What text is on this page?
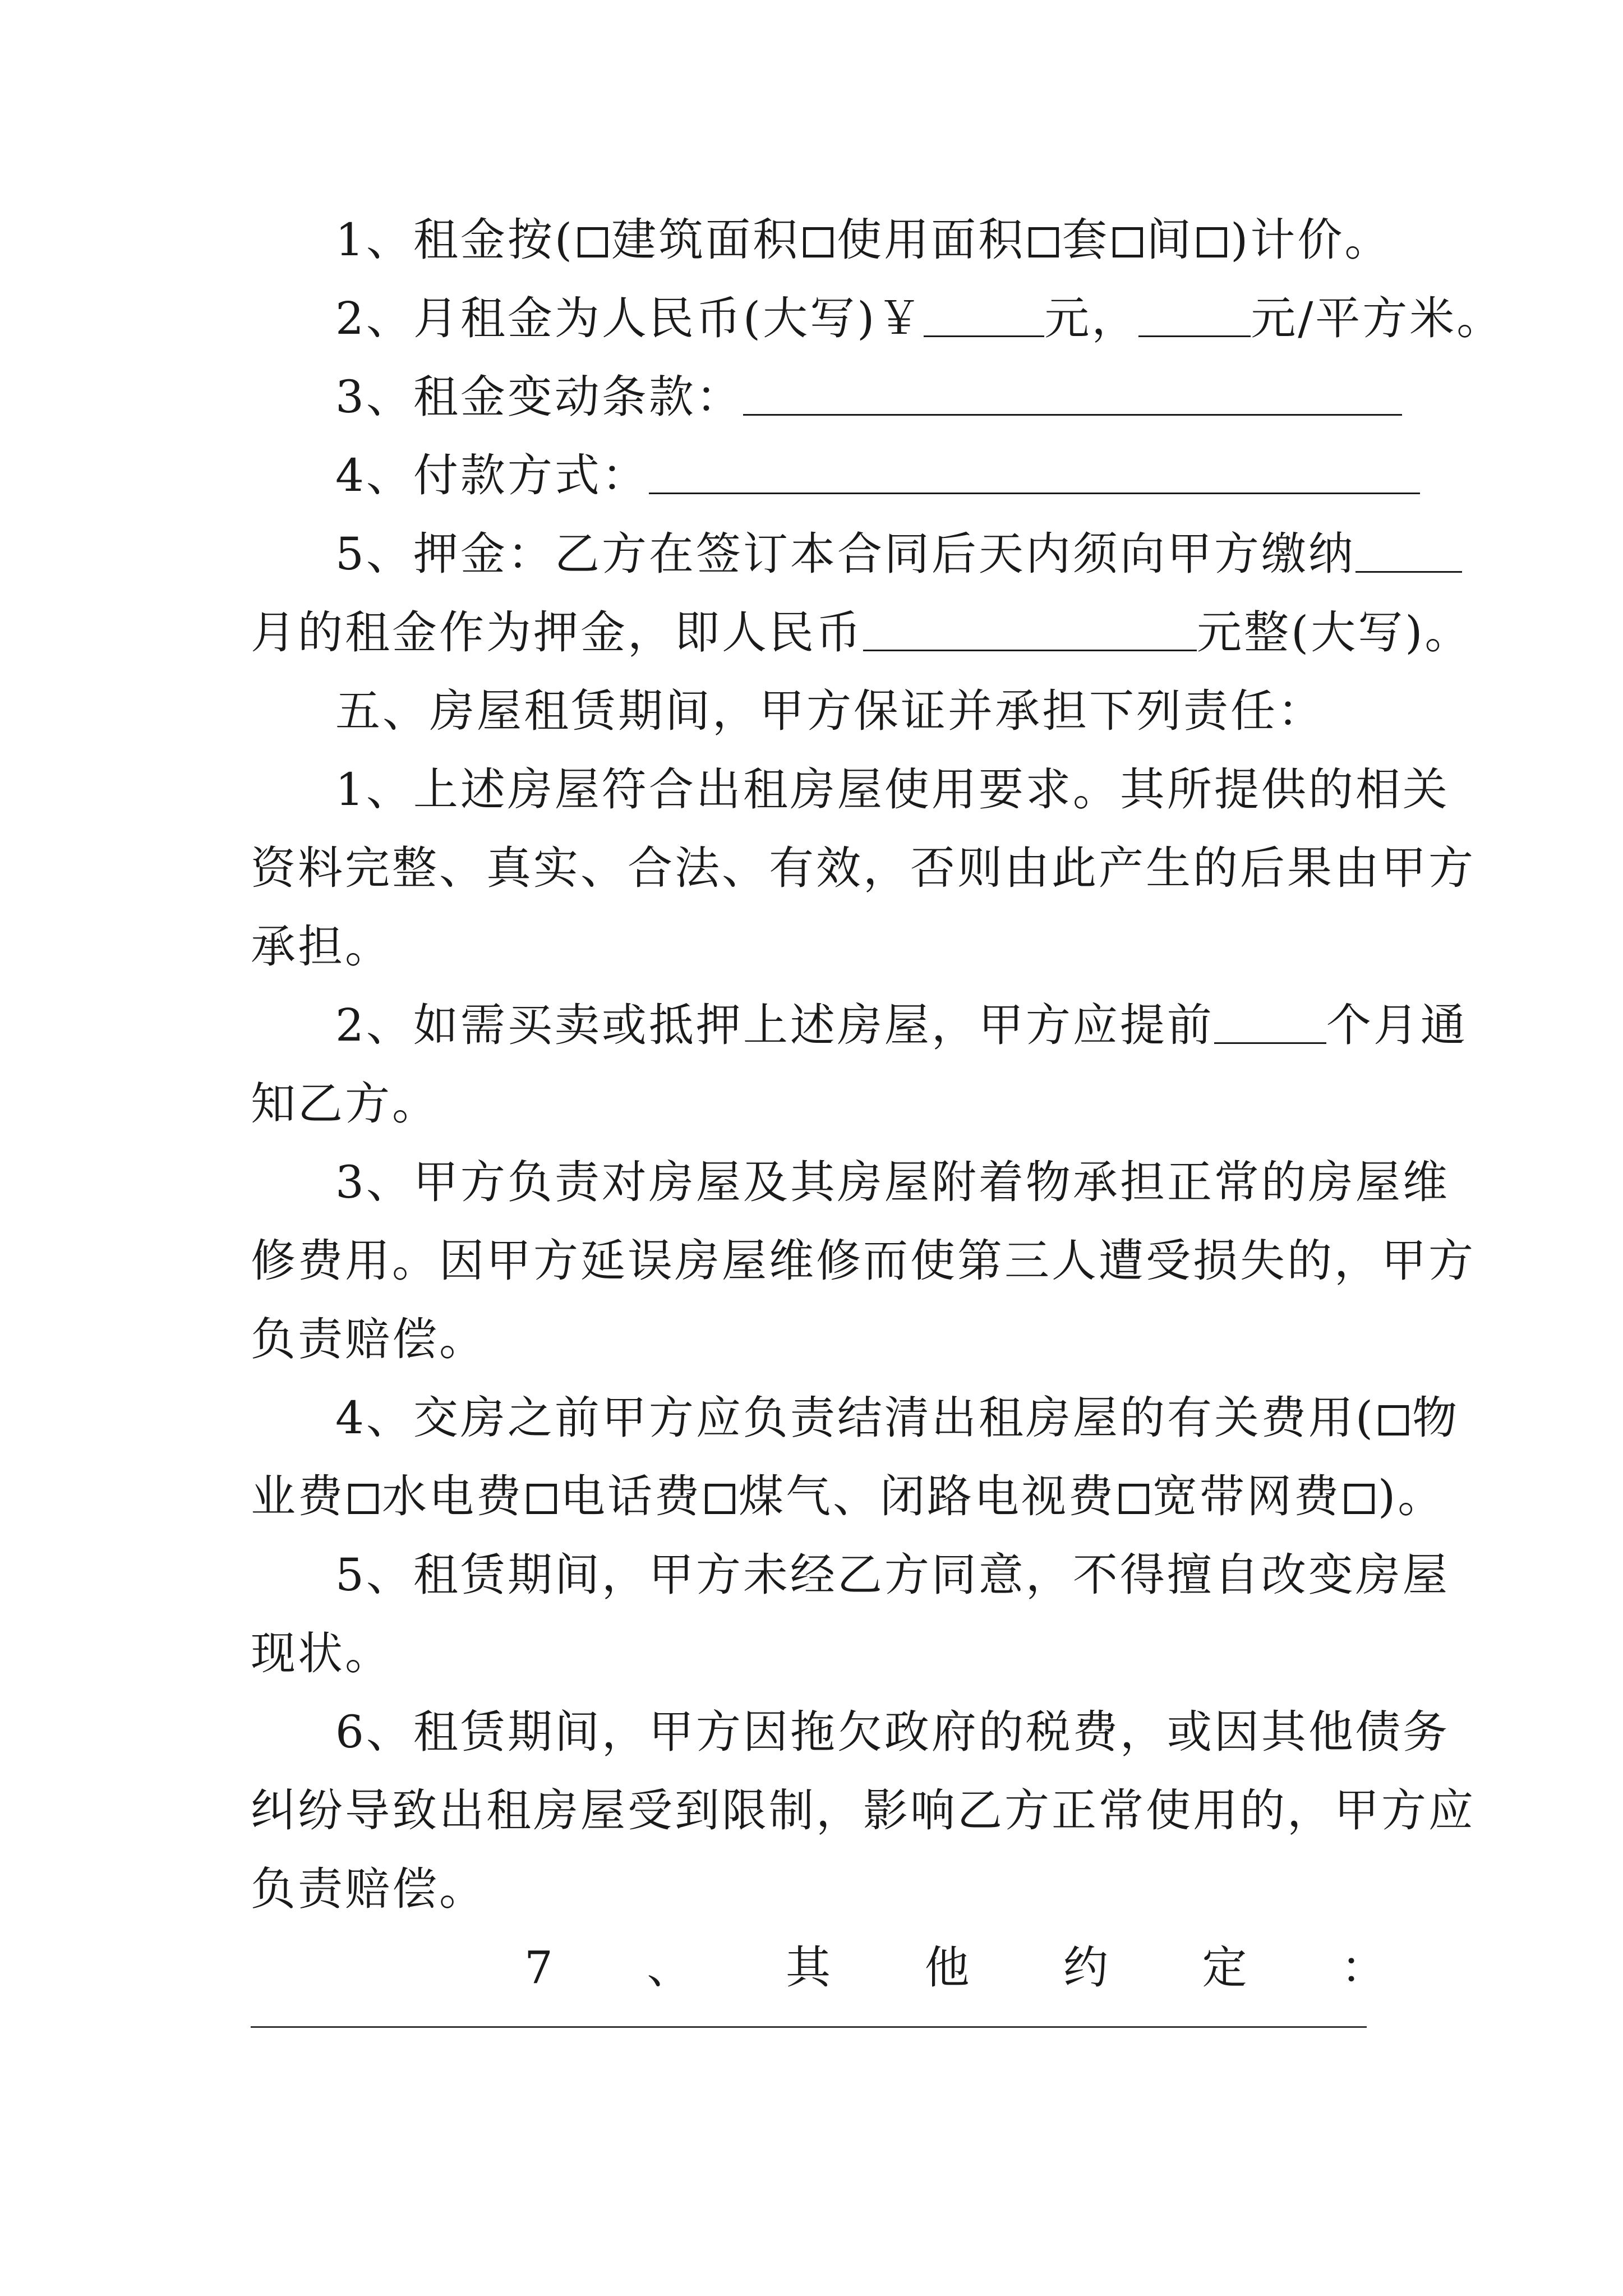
1、租金按( 建筑面积 使用面积 套 间 )计价。
2、月租金为人民币(大写)￥	元，	元/平方米。
3、租金变动条款：
4、付款方式：
5、押金：乙方在签订本合同后天内须向甲方缴纳
月的租金作为押金，即人民币	元整(大写)。
五、房屋租赁期间，甲方保证并承担下列责任：
1、上述房屋符合出租房屋使用要求。其所提供的相关
资料完整、真实、合法、有效，否则由此产生的后果由甲方
承担。
2、如需买卖或抵押上述房屋，甲方应提前	个月通
知乙方。
3、甲方负责对房屋及其房屋附着物承担正常的房屋维
修费用。因甲方延误房屋维修而使第三人遭受损失的，甲方
负责赔偿。
4、交房之前甲方应负责结清出租房屋的有关费用( 物
业费 水电费 电话费 煤气、闭路电视费 宽带网费 )。
5、租赁期间，甲方未经乙方同意，不得擅自改变房屋
现状。
6、租赁期间，甲方因拖欠政府的税费，或因其他债务
纠纷导致出租房屋受到限制，影响乙方正常使用的，甲方应
负责赔偿。
7 、 其 他 约 定 ：
